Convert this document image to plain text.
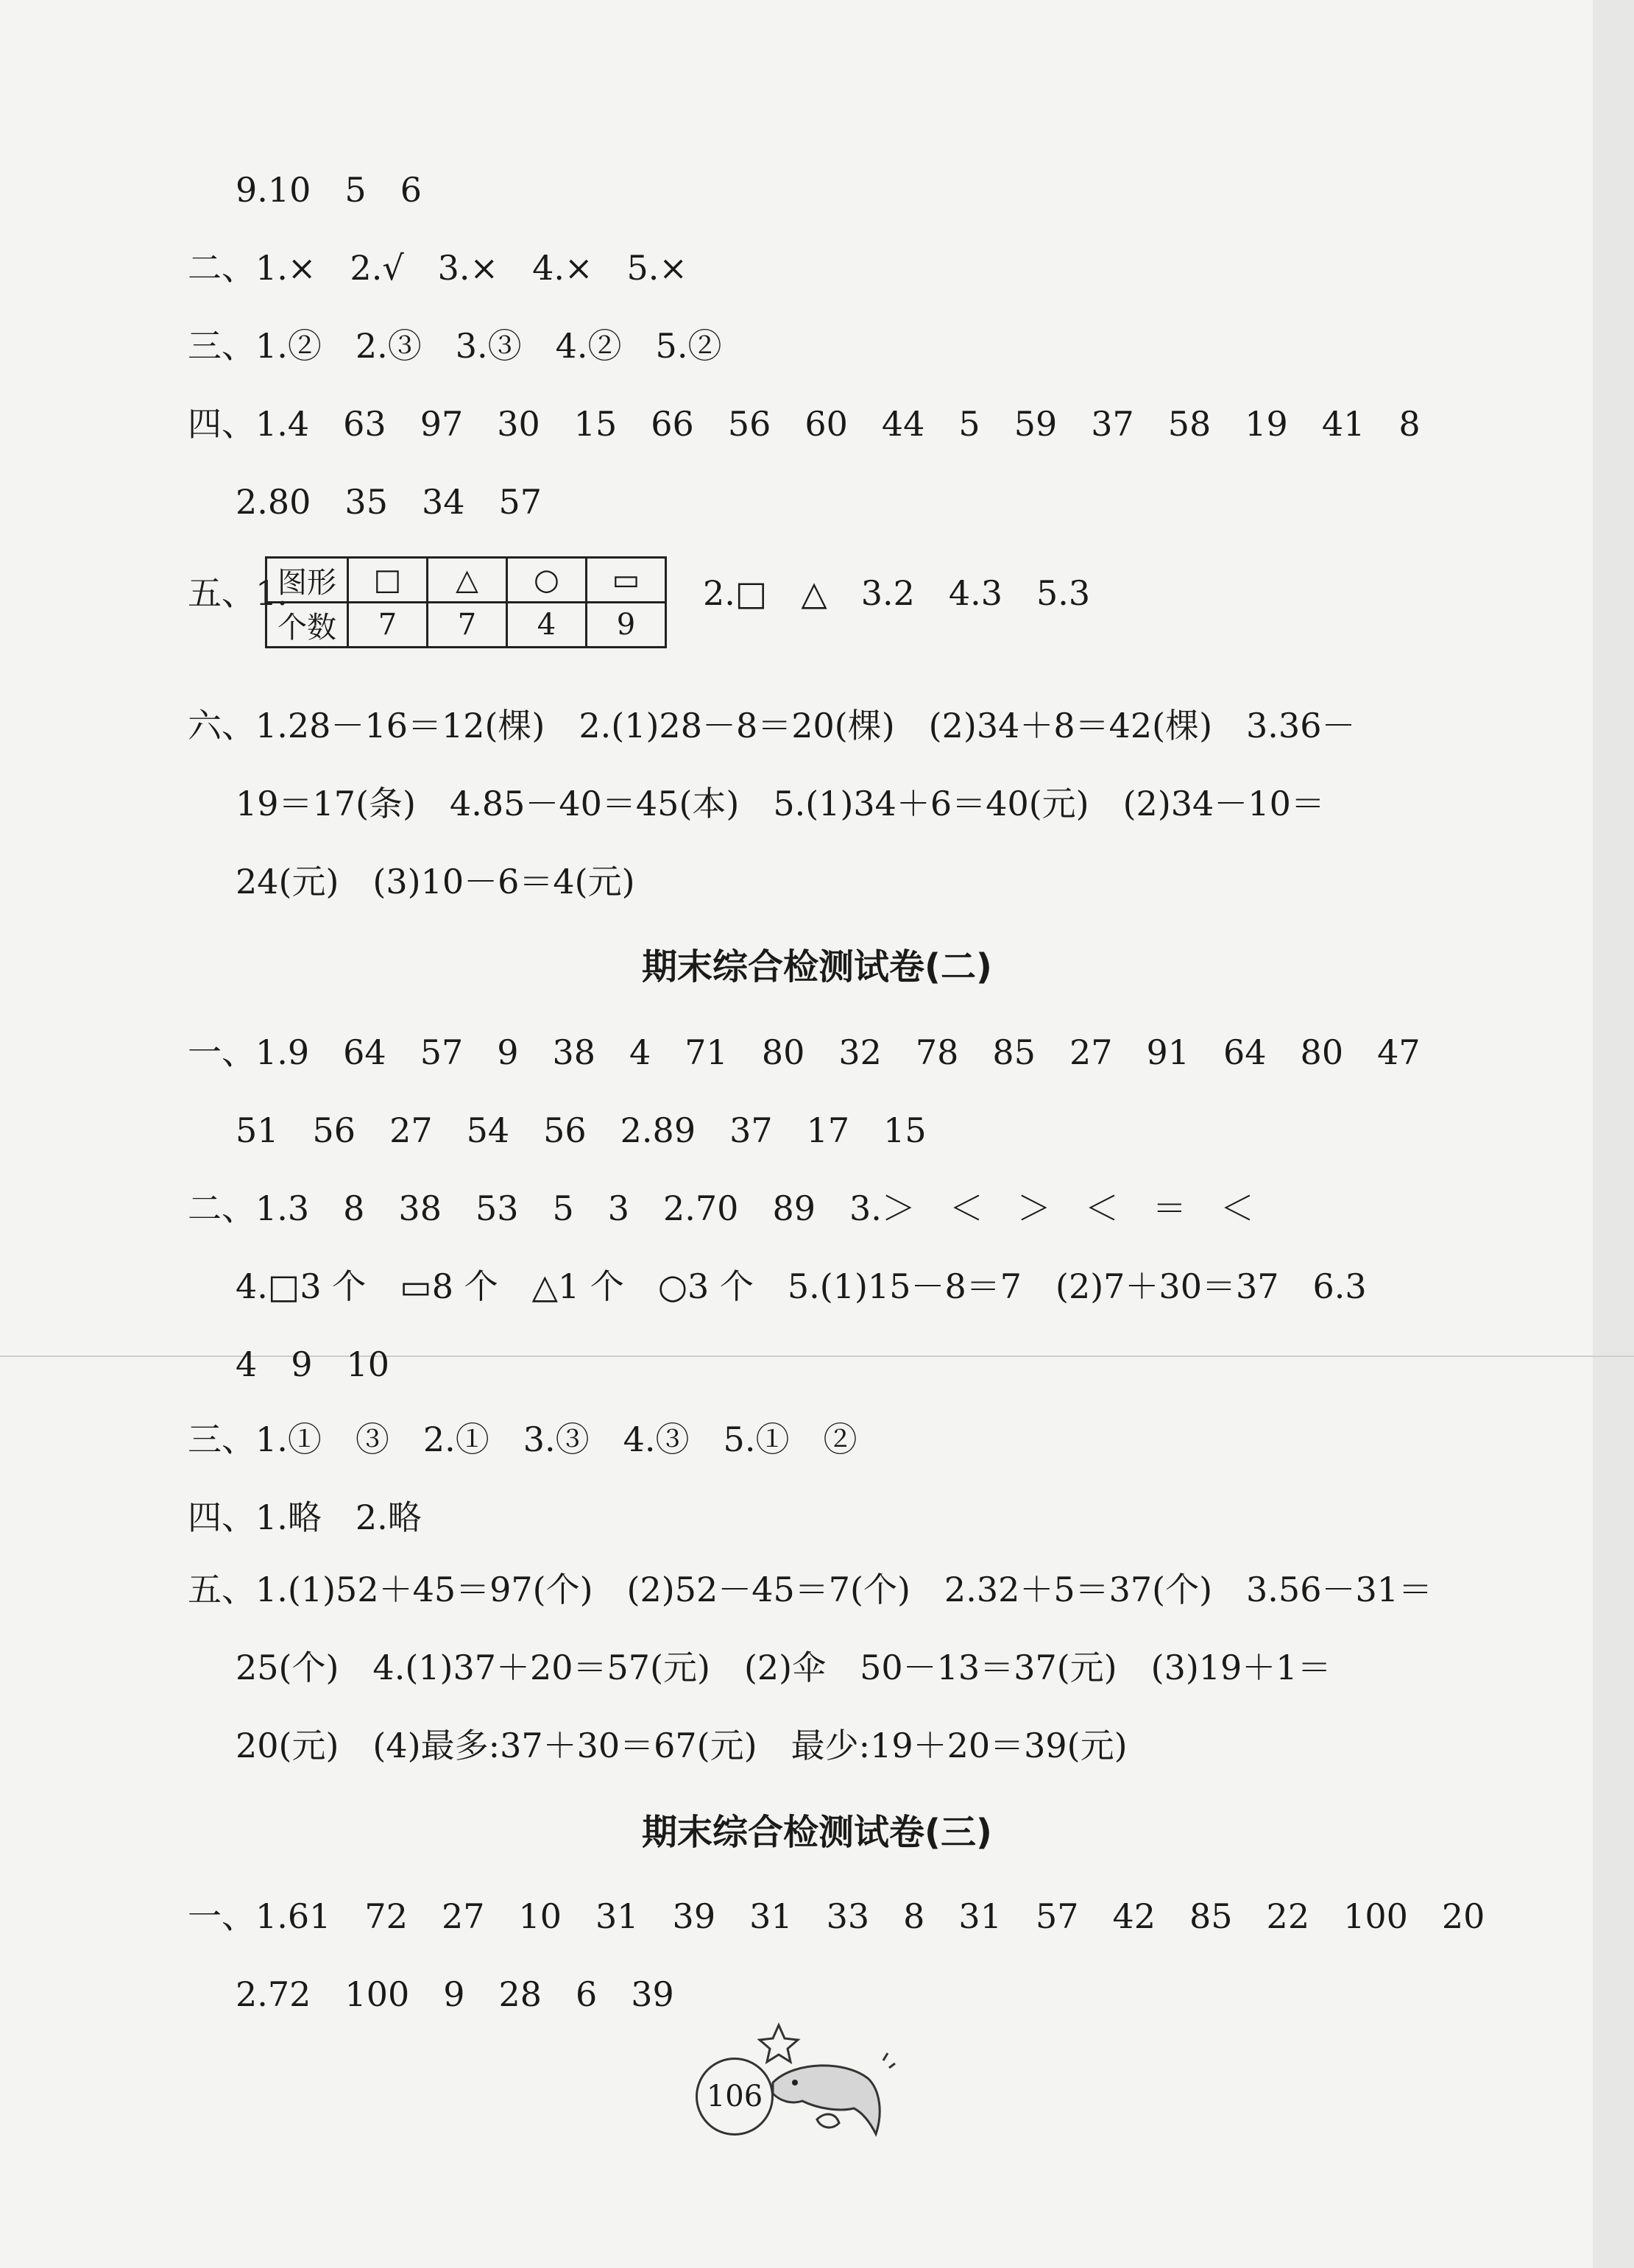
9.10　5　6
二、1.×　2.√　3.×　4.×　5.×
三、1.②　2.③　3.③　4.②　5.②
四、1.4　63　97　30　15　66　56　60　44　5　59　37　58　19　41　8
2.80　35　34　57
五、1.
图形	□	△	○	▭
个数	7	7	4	9
2.□　△　3.2　4.3　5.3
六、1.28－16＝12(棵)　2.(1)28－8＝20(棵)　(2)34＋8＝42(棵)　3.36－
19＝17(条)　4.85－40＝45(本)　5.(1)34＋6＝40(元)　(2)34－10＝
24(元)　(3)10－6＝4(元)
期末综合检测试卷(二)
一、1.9　64　57　9　38　4　71　80　32　78　85　27　91　64　80　47
51　56　27　54　56　2.89　37　17　15
二、1.3　8　38　53　5　3　2.70　89　3.＞　＜　＞　＜　＝　＜
4.□3 个　▭8 个　△1 个　○3 个　5.(1)15－8＝7　(2)7＋30＝37　6.3
4　9　10
三、1.①　③　2.①　3.③　4.③　5.①　②
四、1.略　2.略
五、1.(1)52＋45＝97(个)　(2)52－45＝7(个)　2.32＋5＝37(个)　3.56－31＝
25(个)　4.(1)37＋20＝57(元)　(2)伞　50－13＝37(元)　(3)19＋1＝
20(元)　(4)最多:37＋30＝67(元)　最少:19＋20＝39(元)
期末综合检测试卷(三)
一、1.61　72　27　10　31　39　31　33　8　31　57　42　85　22　100　20
2.72　100　9　28　6　39
106
